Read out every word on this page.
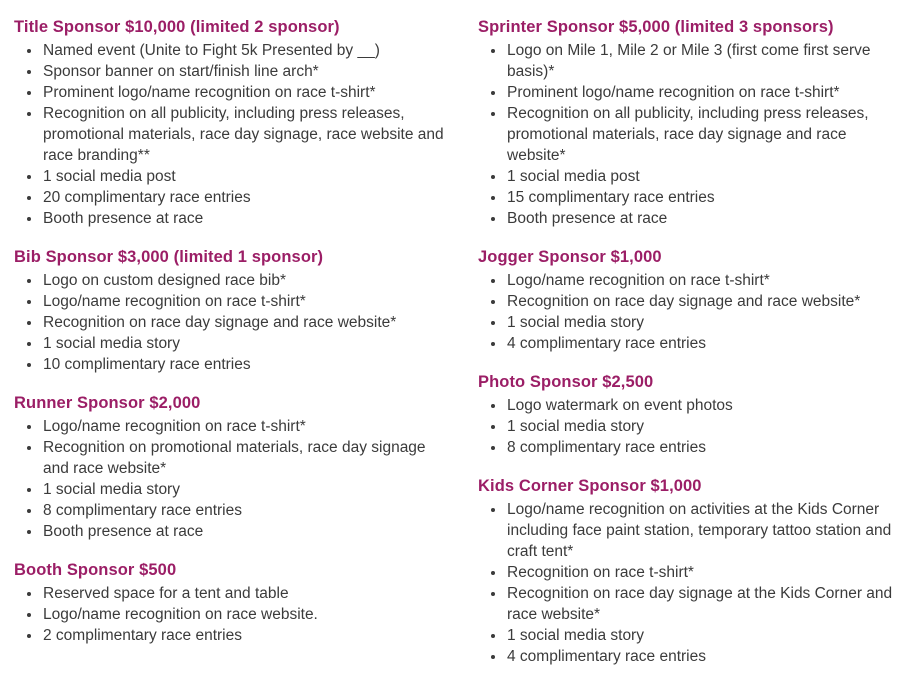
Title Sponsor $10,000 (limited 2 sponsor)
• Named event (Unite to Fight 5k Presented by __)
• Sponsor banner on start/finish line arch*
• Prominent logo/name recognition on race t-shirt*
• Recognition on all publicity, including press releases, promotional materials, race day signage, race website and race branding**
• 1 social media post
• 20 complimentary race entries
• Booth presence at race
Bib Sponsor $3,000 (limited 1 sponsor)
• Logo on custom designed race bib*
• Logo/name recognition on race t-shirt*
• Recognition on race day signage and race website*
• 1 social media story
• 10 complimentary race entries
Runner Sponsor $2,000
• Logo/name recognition on race t-shirt*
• Recognition on promotional materials, race day signage and race website*
• 1 social media story
• 8 complimentary race entries
• Booth presence at race
Booth Sponsor $500
• Reserved space for a tent and table
• Logo/name recognition on race website.
• 2 complimentary race entries
Sprinter Sponsor $5,000 (limited 3 sponsors)
• Logo on Mile 1, Mile 2 or Mile 3 (first come first serve basis)*
• Prominent logo/name recognition on race t-shirt*
• Recognition on all publicity, including press releases, promotional materials, race day signage and race website*
• 1 social media post
• 15 complimentary race entries
• Booth presence at race
Jogger Sponsor $1,000
• Logo/name recognition on race t-shirt*
• Recognition on race day signage and race website*
• 1 social media story
• 4 complimentary race entries
Photo Sponsor $2,500
• Logo watermark on event photos
• 1 social media story
• 8 complimentary race entries
Kids Corner Sponsor $1,000
• Logo/name recognition on activities at the Kids Corner including face paint station, temporary tattoo station and craft tent*
• Recognition on race t-shirt*
• Recognition on race day signage at the Kids Corner and race website*
• 1 social media story
• 4 complimentary race entries
